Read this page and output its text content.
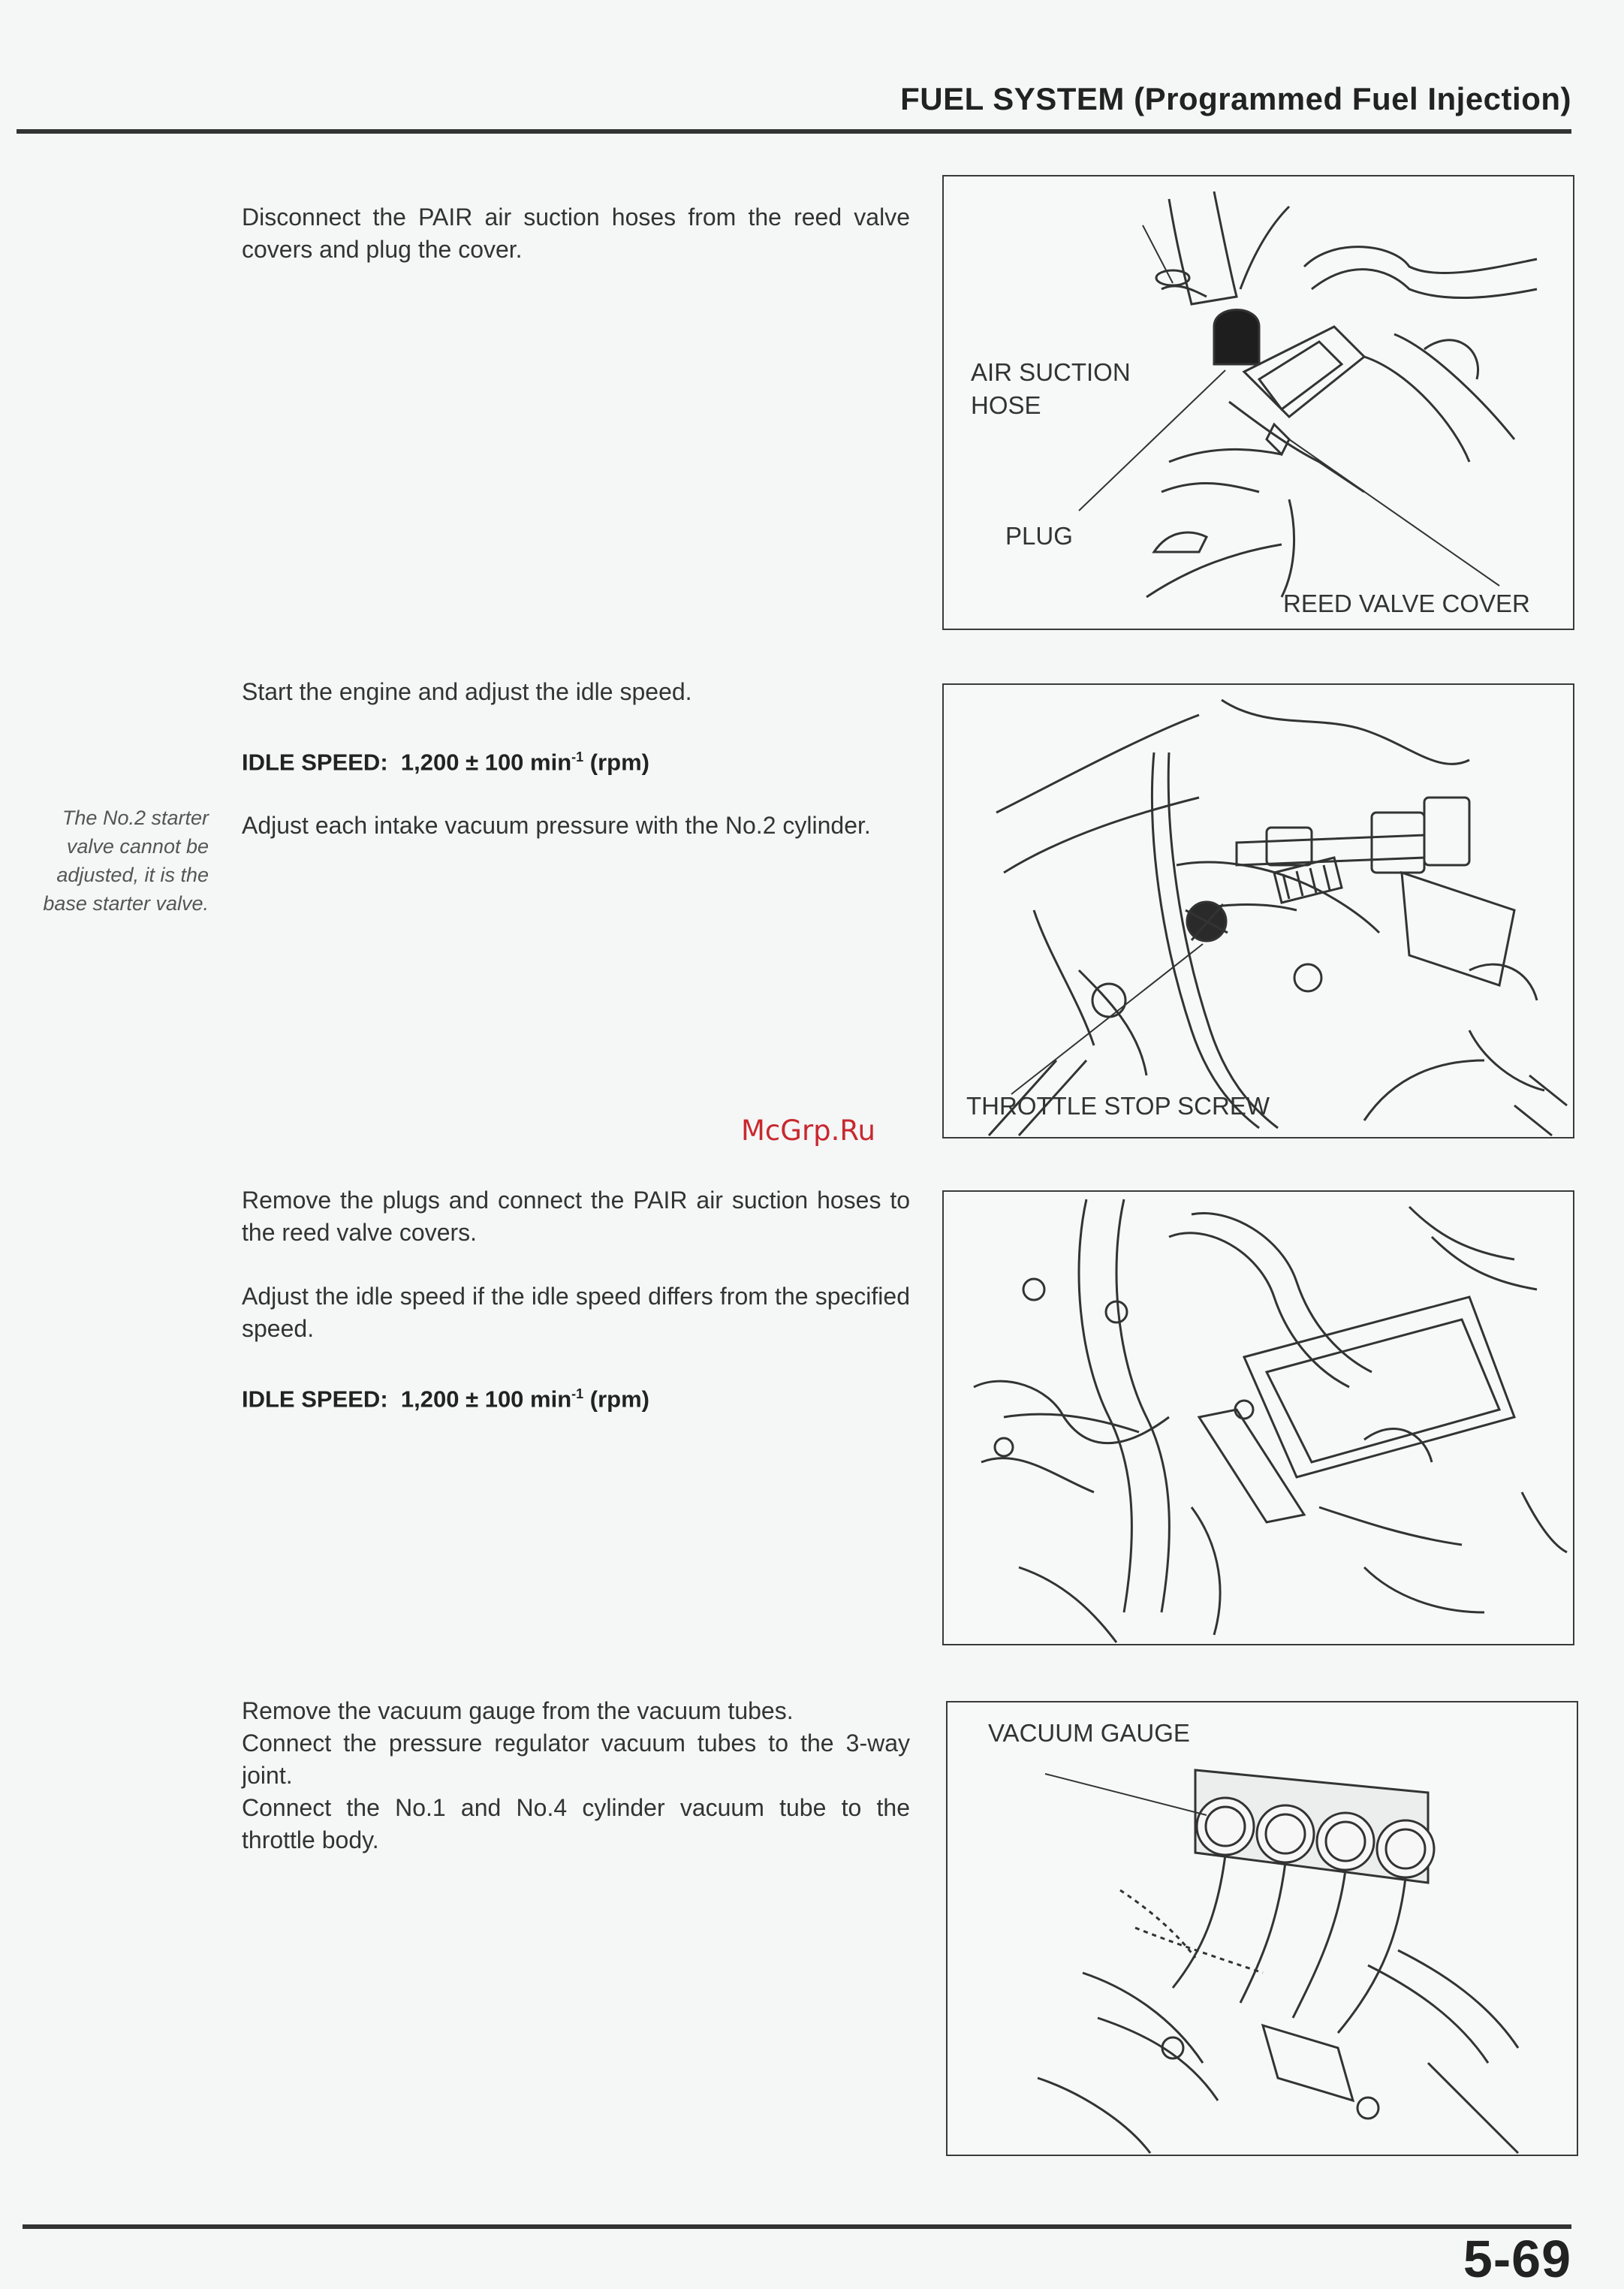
FUEL SYSTEM (Programmed Fuel Injection)

Disconnect the PAIR air suction hoses from the reed valve covers and plug the cover.

AIR SUCTION
HOSE
PLUG
REED VALVE COVER

Start the engine and adjust the idle speed.

IDLE SPEED: 1,200 ± 100 $\min^{-1} (rpm)$

Adjust each intake vacuum pressure with the No.2 cylinder.

The No.2 starter valve cannot be adjusted, it is the base starter valve.
THROTTLE STOP SCREW
McGrp.Ru

Remove the plugs and connect the PAIR air suction hoses to the reed valve covers.

Adjust the idle speed if the idle speed differs from the specified speed.

IDLE SPEED: 1,200 ± 100 $\min^{-1} (rpm)$

Remove the vacuum gauge from the vacuum tubes.

Connect the pressure regulator vacuum tubes to the 3-way joint.

Connect the No.1 and No.4 cylinder vacuum tube to the throttle body.

VACUUM GAUGE
5-69
